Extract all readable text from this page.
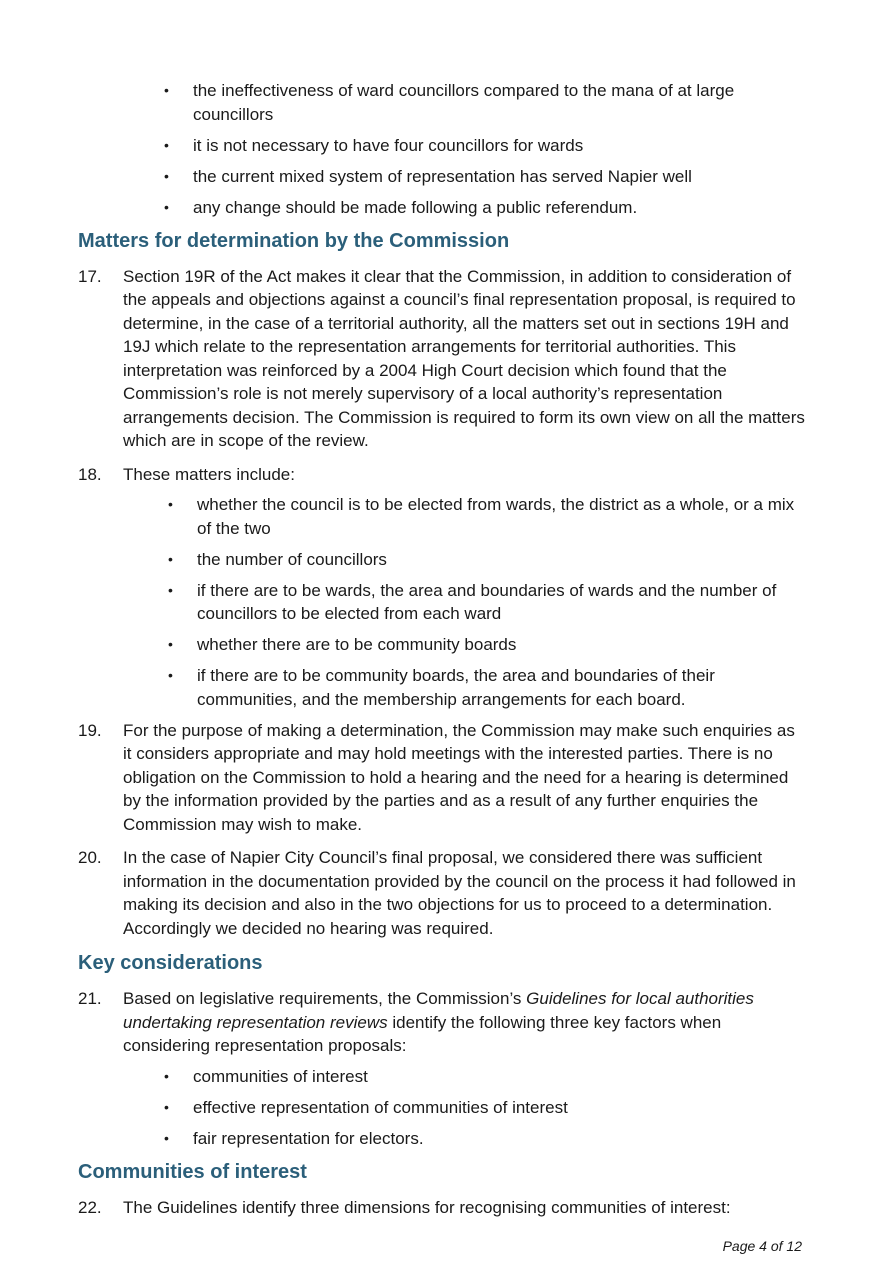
•	the ineffectiveness of ward councillors compared to the mana of at large councillors
•	it is not necessary to have four councillors for wards
•	the current mixed system of representation has served Napier well
•	any change should be made following a public referendum.
Matters for determination by the Commission
17. Section 19R of the Act makes it clear that the Commission, in addition to consideration of the appeals and objections against a council’s final representation proposal, is required to determine, in the case of a territorial authority, all the matters set out in sections 19H and 19J which relate to the representation arrangements for territorial authorities. This interpretation was reinforced by a 2004 High Court decision which found that the Commission’s role is not merely supervisory of a local authority’s representation arrangements decision. The Commission is required to form its own view on all the matters which are in scope of the review.
18. These matters include:
•	whether the council is to be elected from wards, the district as a whole, or a mix of the two
•	the number of councillors
•	if there are to be wards, the area and boundaries of wards and the number of councillors to be elected from each ward
•	whether there are to be community boards
•	if there are to be community boards, the area and boundaries of their communities, and the membership arrangements for each board.
19. For the purpose of making a determination, the Commission may make such enquiries as it considers appropriate and may hold meetings with the interested parties. There is no obligation on the Commission to hold a hearing and the need for a hearing is determined by the information provided by the parties and as a result of any further enquiries the Commission may wish to make.
20. In the case of Napier City Council’s final proposal, we considered there was sufficient information in the documentation provided by the council on the process it had followed in making its decision and also in the two objections for us to proceed to a determination. Accordingly we decided no hearing was required.
Key considerations
21. Based on legislative requirements, the Commission’s Guidelines for local authorities undertaking representation reviews identify the following three key factors when considering representation proposals:
•	communities of interest
•	effective representation of communities of interest
•	fair representation for electors.
Communities of interest
22. The Guidelines identify three dimensions for recognising communities of interest:
Page 4 of 12
